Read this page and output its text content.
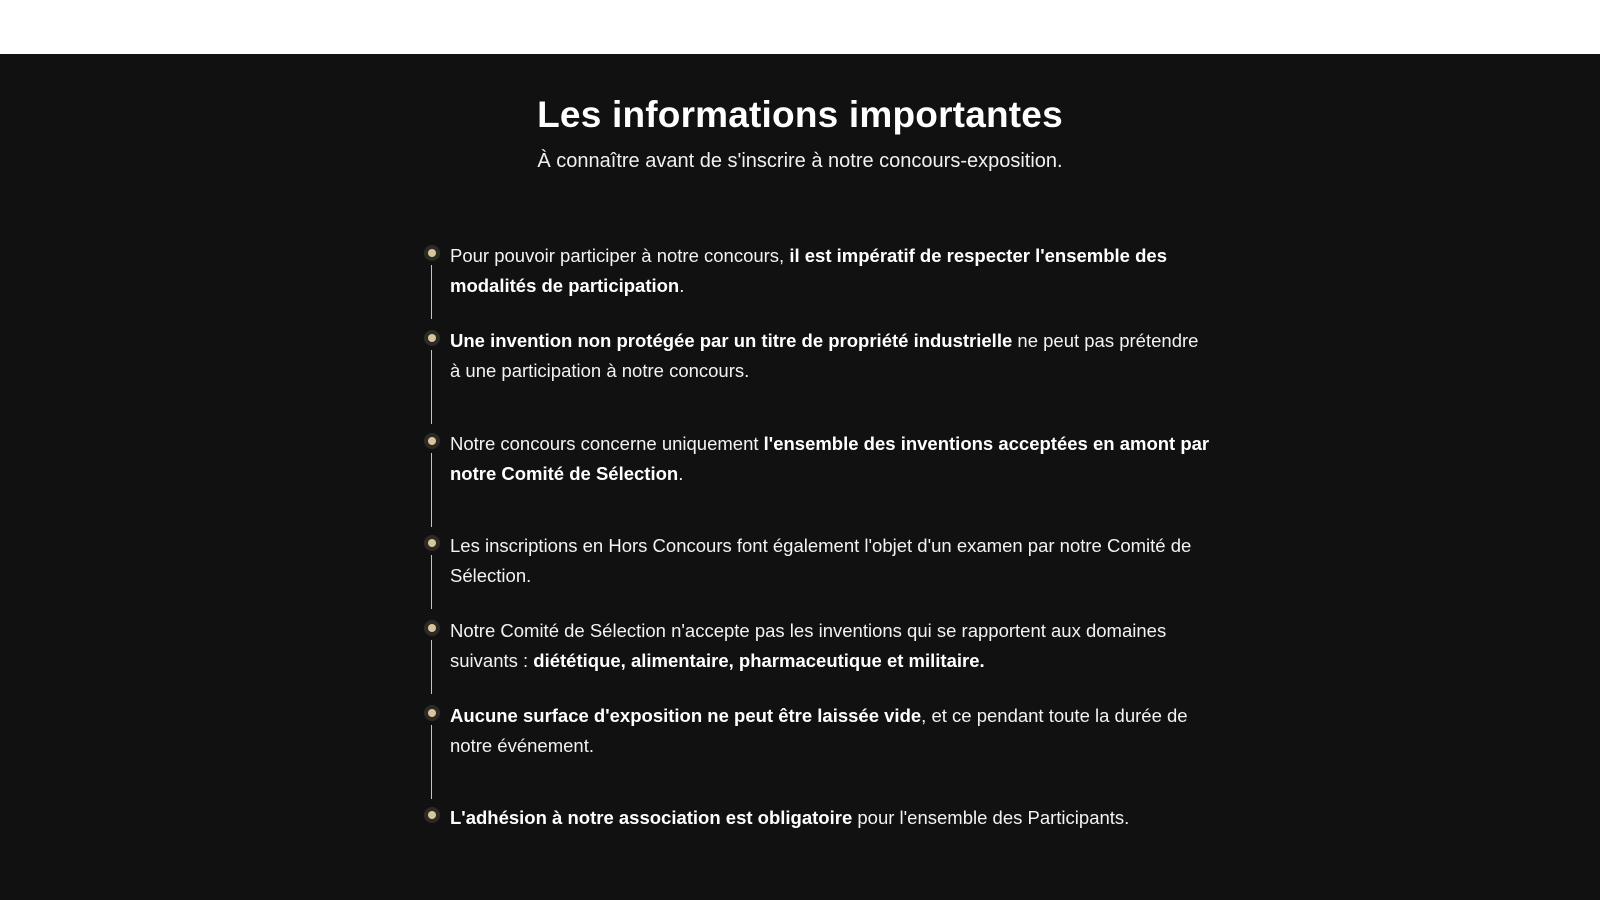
Les informations importantes

À connaître avant de s'inscrire à notre concours-exposition.

Pour pouvoir participer à notre concours, il est impératif de respecter l'ensemble des modalités de participation.

Une invention non protégée par un titre de propriété industrielle ne peut pas prétendre à une participation à notre concours.

Notre concours concerne uniquement l'ensemble des inventions acceptées en amont par notre Comité de Sélection.

Les inscriptions en Hors Concours font également l'objet d'un examen par notre Comité de Sélection.

Notre Comité de Sélection n'accepte pas les inventions qui se rapportent aux domaines suivants : diététique, alimentaire, pharmaceutique et militaire.

Aucune surface d'exposition ne peut être laissée vide, et ce pendant toute la durée de notre événement.

L'adhésion à notre association est obligatoire pour l'ensemble des Participants.
